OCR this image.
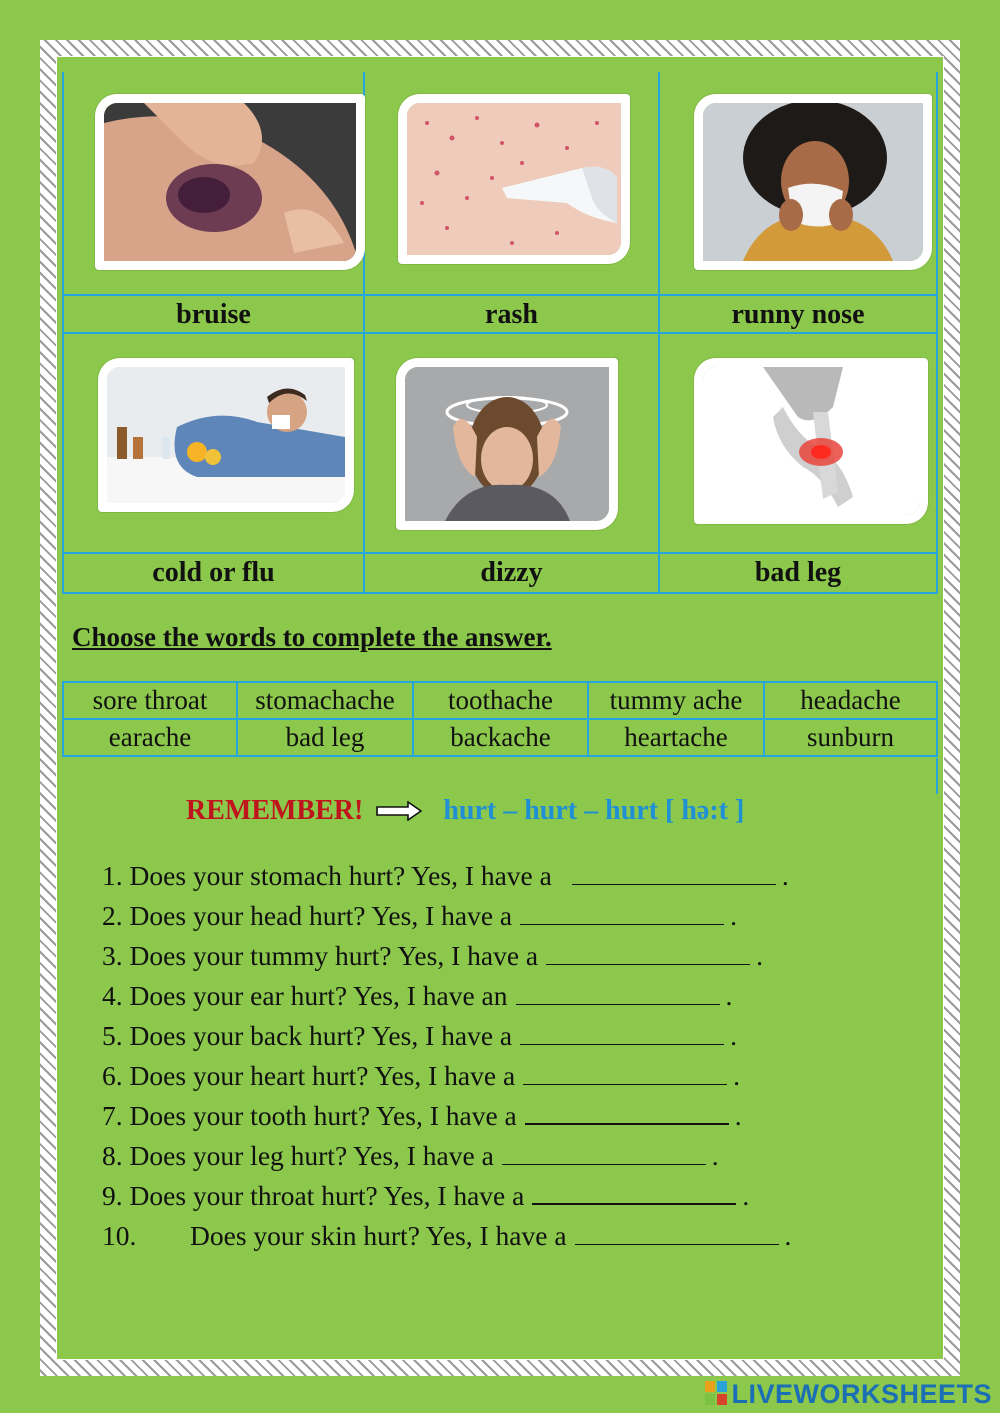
bruise	rash	runny nose
cold or flu	dizzy	bad leg
Choose the words to complete the answer.
sore throat	stomachache	toothache	tummy ache	headache
earache	bad leg	backache	heartache	sunburn
REMEMBER!	hurt – hurt – hurt [ hə:t ]
1. Does your stomach hurt? Yes, I have a	.
2. Does your head hurt? Yes, I have a	.
3. Does your tummy hurt? Yes, I have a	.
4. Does your ear hurt? Yes, I have an	.
5. Does your back hurt? Yes, I have a	.
6. Does your heart hurt? Yes, I have a	.
7. Does your tooth hurt? Yes, I have a	.
8. Does your leg hurt? Yes, I have a	.
9. Does your throat hurt? Yes, I have a	.
10. Does your skin hurt? Yes, I have a	.
LIVEWORKSHEETS
